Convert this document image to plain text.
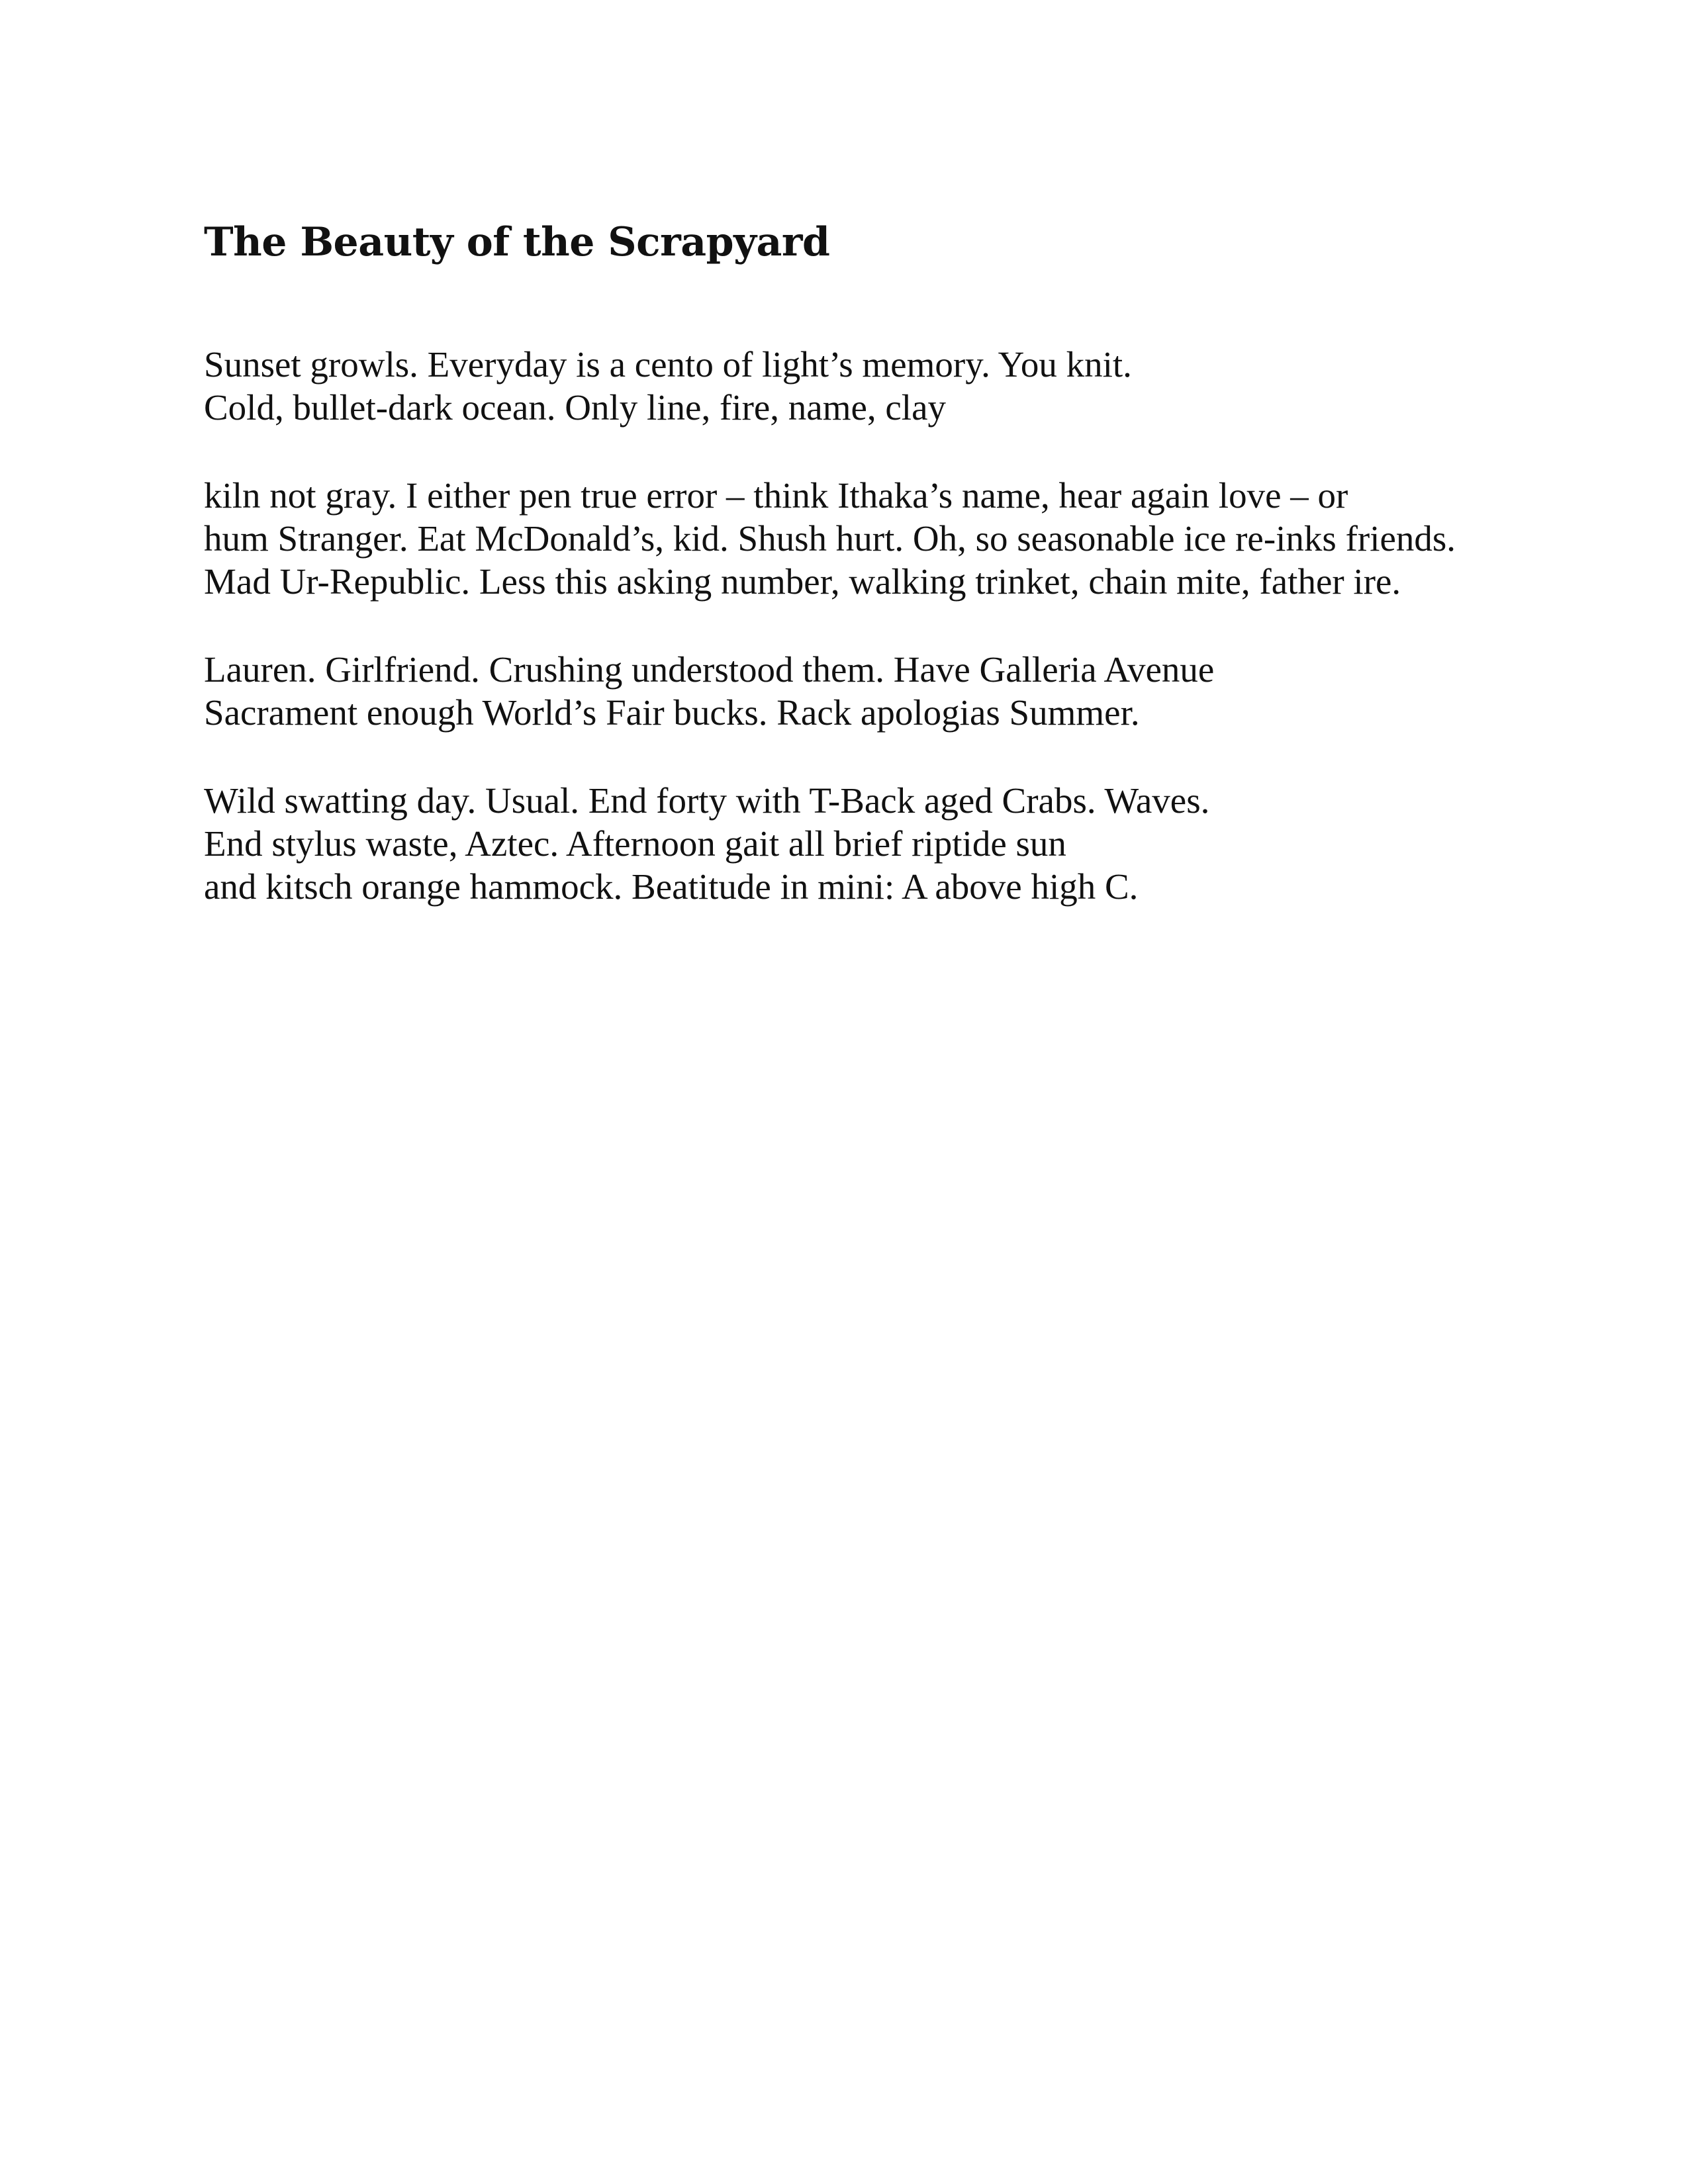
The Beauty of the Scrapyard
Sunset growls. Everyday is a cento of light’s memory. You knit.
Cold, bullet-dark ocean. Only line, fire, name, clay
kiln not gray. I either pen true error – think Ithaka’s name, hear again love – or
hum Stranger. Eat McDonald’s, kid. Shush hurt. Oh, so seasonable ice re-inks friends.
Mad Ur-Republic. Less this asking number, walking trinket, chain mite, father ire.
Lauren. Girlfriend. Crushing understood them. Have Galleria Avenue
Sacrament enough World’s Fair bucks. Rack apologias Summer.
Wild swatting day. Usual. End forty with T-Back aged Crabs. Waves.
End stylus waste, Aztec. Afternoon gait all brief riptide sun
and kitsch orange hammock. Beatitude in mini: A above high C.
